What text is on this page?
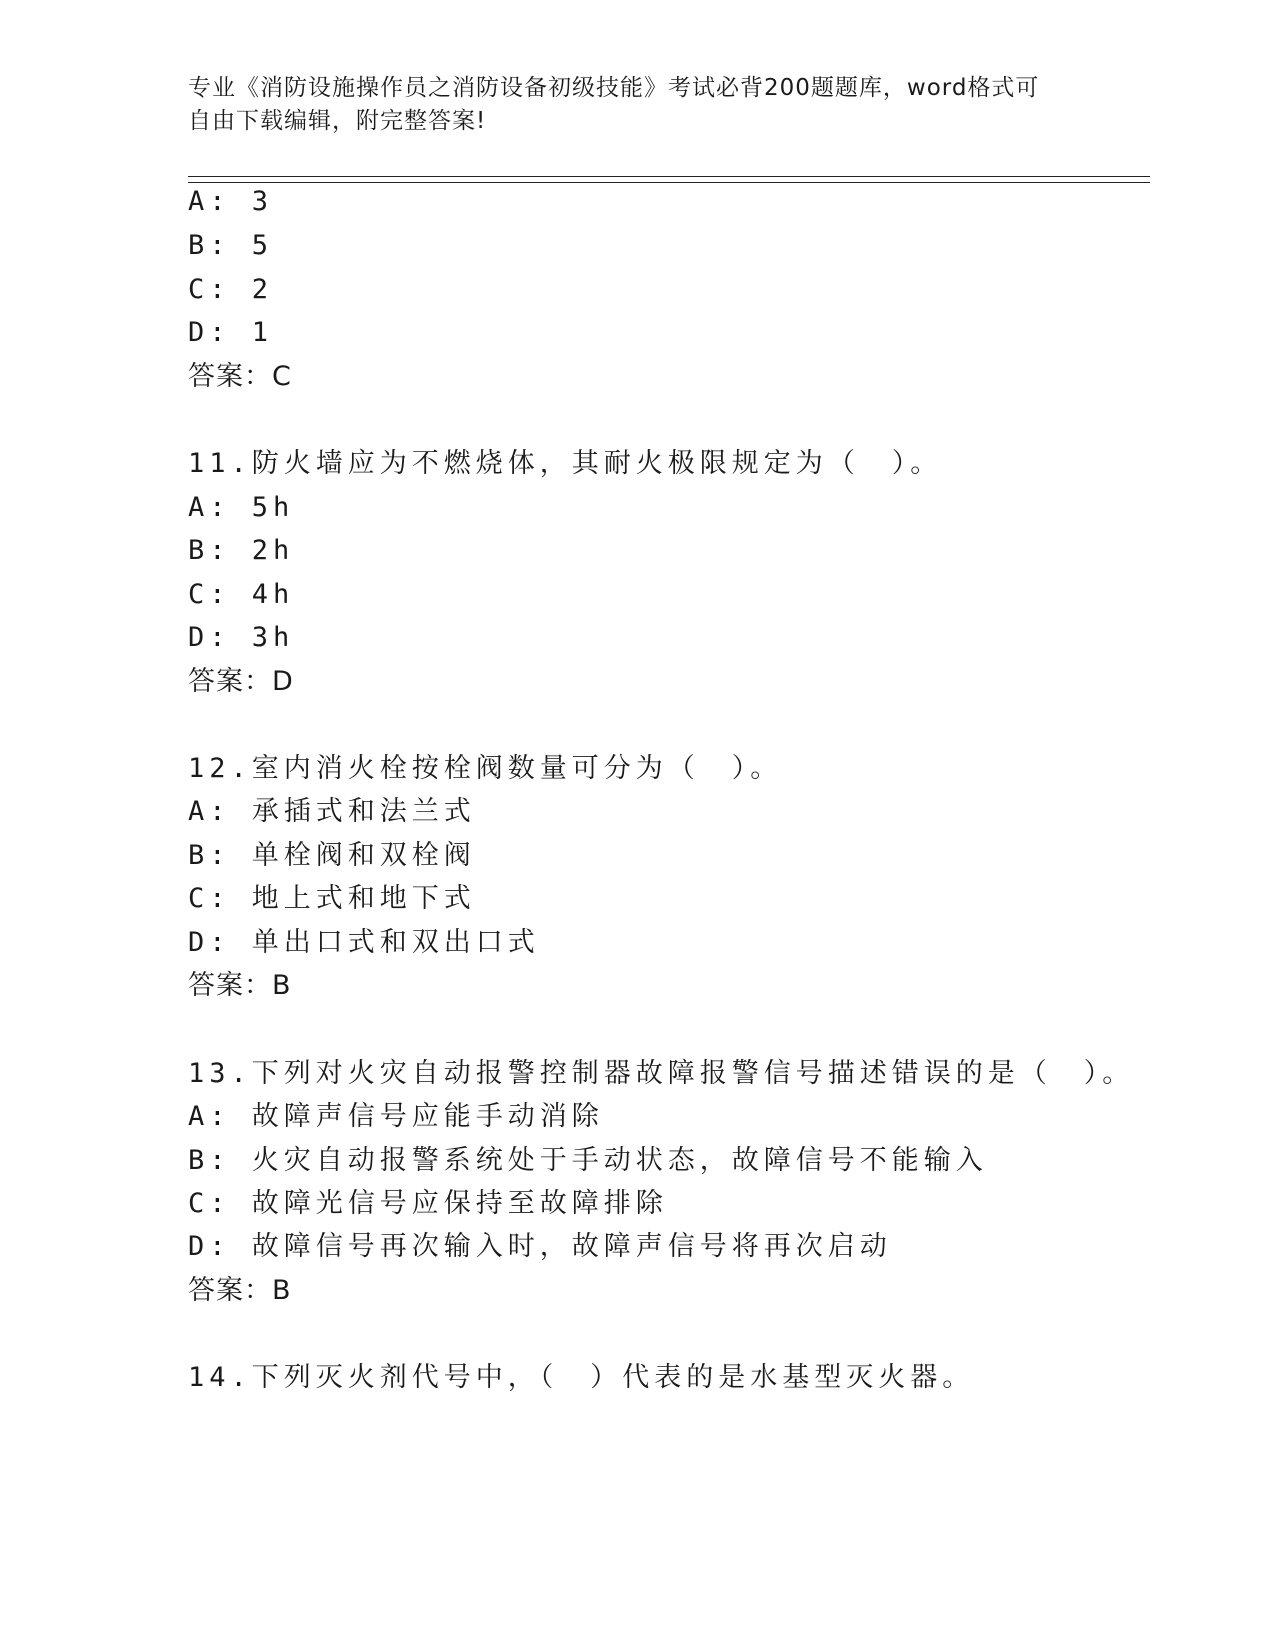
专业《消防设施操作员之消防设备初级技能》考试必背200题题库，word格式可
自由下载编辑，附完整答案!
A: 3
B: 5
C: 2
D: 1
答案：C
11.防火墙应为不燃烧体，其耐火极限规定为（　）。
A: 5h
B: 2h
C: 4h
D: 3h
答案：D
12.室内消火栓按栓阀数量可分为（　）。
A: 承插式和法兰式
B: 单栓阀和双栓阀
C: 地上式和地下式
D: 单出口式和双出口式
答案：B
13.下列对火灾自动报警控制器故障报警信号描述错误的是（　）。
A: 故障声信号应能手动消除
B: 火灾自动报警系统处于手动状态，故障信号不能输入
C: 故障光信号应保持至故障排除
D: 故障信号再次输入时，故障声信号将再次启动
答案：B
14.下列灭火剂代号中，（　）代表的是水基型灭火器。
